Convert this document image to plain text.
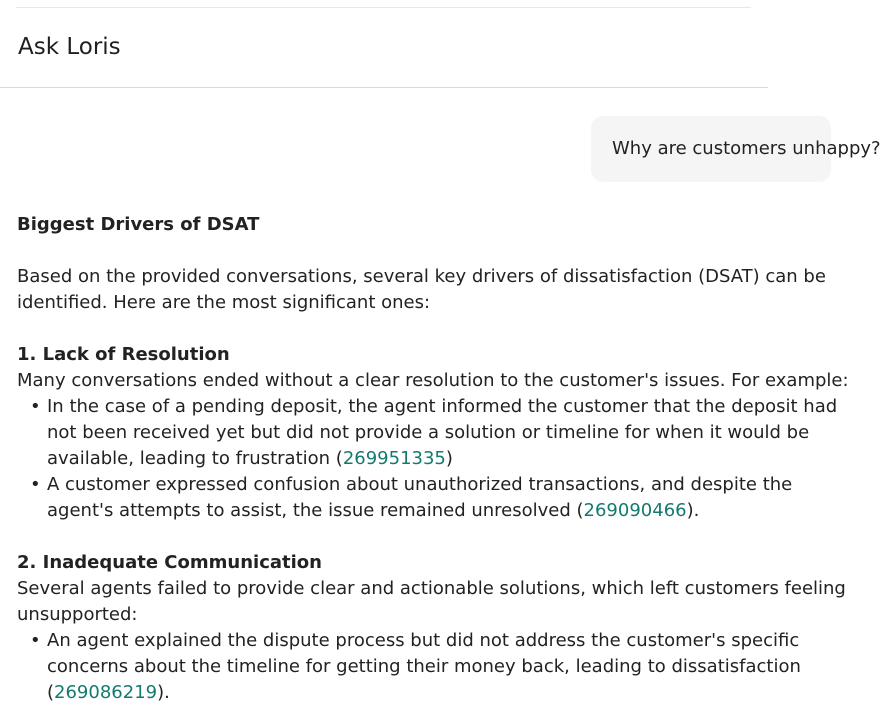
Ask Loris
Why are customers unhappy?
Biggest Drivers of DSAT
Based on the provided conversations, several key drivers of dissatisfaction (DSAT) can be
identified. Here are the most significant ones:
1. Lack of Resolution
Many conversations ended without a clear resolution to the customer's issues. For example:
• In the case of a pending deposit, the agent informed the customer that the deposit had
not been received yet but did not provide a solution or timeline for when it would be
available, leading to frustration (269951335)
• A customer expressed confusion about unauthorized transactions, and despite the
agent's attempts to assist, the issue remained unresolved (269090466).
2. Inadequate Communication
Several agents failed to provide clear and actionable solutions, which left customers feeling
unsupported:
• An agent explained the dispute process but did not address the customer's specific
concerns about the timeline for getting their money back, leading to dissatisfaction
(269086219).
